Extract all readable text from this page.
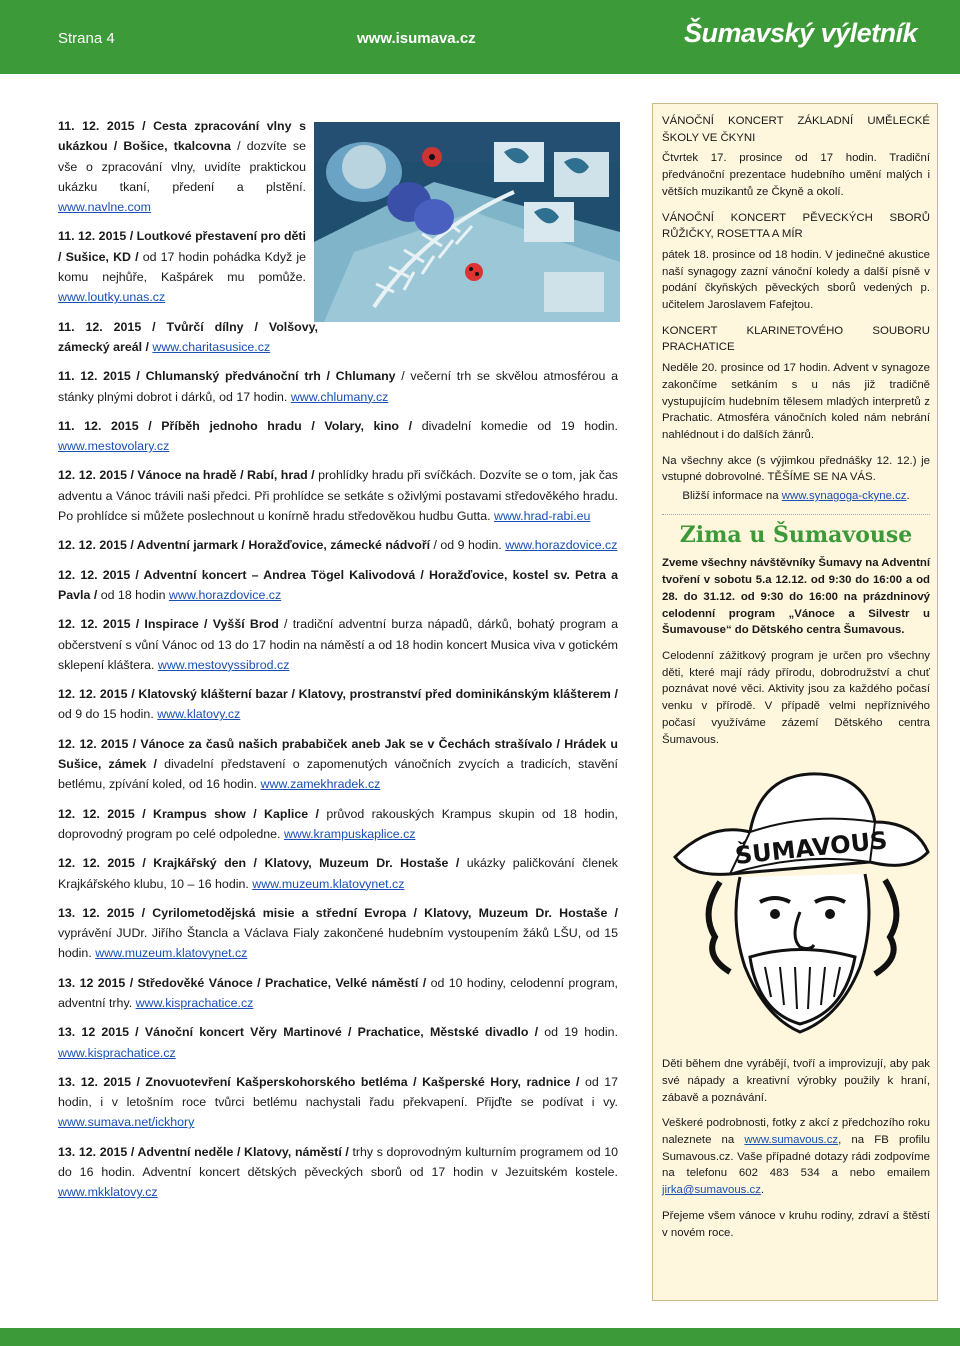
Strana 4	www.isumava.cz	Šumavský výletník

11. 12. 2015 / Cesta zpracování vlny s ukázkou / Bošice, tkalcovna / dozvíte se vše o zpracování vlny, uvidíte praktickou ukázku tkaní, předení a plstění. www.navlne.com

11. 12. 2015 / Loutkové přestavení pro děti / Sušice, KD / od 17 hodin pohádka Když je komu nejhůře, Kašpárek mu pomůže. www.loutky.unas.cz

11. 12. 2015 / Tvůrčí dílny / Volšovy, zámecký areál / www.charitasusice.cz

11. 12. 2015 / Chlumanský předvánoční trh / Chlumany / večerní trh se skvělou atmosférou a stánky plnými dobrot i dárků, od 17 hodin. www.chlumany.cz

11. 12. 2015 / Příběh jednoho hradu / Volary, kino / divadelní komedie od 19 hodin. www.mestovolary.cz

12. 12. 2015 / Vánoce na hradě / Rabí, hrad / prohlídky hradu při svíčkách. Dozvíte se o tom, jak čas adventu a Vánoc trávili naši předci. Při prohlídce se setkáte s oživlými postavami středověkého hradu. Po prohlídce si můžete poslechnout u konírně hradu středověkou hudbu Gutta. www.hrad-rabi.eu

12. 12. 2015 / Adventní jarmark / Horažďovice, zámecké nádvoří / od 9 hodin. www.horazdovice.cz

12. 12. 2015 / Adventní koncert – Andrea Tögel Kalivodová / Horažďovice, kostel sv. Petra a Pavla / od 18 hodin www.horazdovice.cz

12. 12. 2015 / Inspirace / Vyšší Brod / tradiční adventní burza nápadů, dárků, bohatý program a občerstvení s vůní Vánoc od 13 do 17 hodin na náměstí a od 18 hodin koncert Musica viva v gotickém sklepení kláštera. www.mestovyssibrod.cz

12. 12. 2015 / Klatovský klášterní bazar / Klatovy, prostranství před dominikánským klášterem / od 9 do 15 hodin. www.klatovy.cz

12. 12. 2015 / Vánoce za časů našich prababiček aneb Jak se v Čechách strašívalo / Hrádek u Sušice, zámek / divadelní představení o zapomenutých vánočních zvycích a tradicích, stavění betlému, zpívání koled, od 16 hodin. www.zamekhradek.cz

12. 12. 2015 / Krampus show / Kaplice / průvod rakouských Krampus skupin od 18 hodin, doprovodný program po celé odpoledne. www.krampuskaplice.cz

12. 12. 2015 / Krajkářský den / Klatovy, Muzeum Dr. Hostaše / ukázky paličkování členek Krajkářského klubu, 10 – 16 hodin. www.muzeum.klatovynet.cz

13. 12. 2015 / Cyrilometodějská misie a střední Evropa / Klatovy, Muzeum Dr. Hostaše / vyprávění JUDr. Jiřího Štancla a Václava Fialy zakončené hudebním vystoupením žáků LŠU, od 15 hodin. www.muzeum.klatovynet.cz

13. 12 2015 / Středověké Vánoce / Prachatice, Velké náměstí / od 10 hodiny, celodenní program, adventní trhy. www.kisprachatice.cz

13. 12 2015 / Vánoční koncert Věry Martinové / Prachatice, Městské divadlo / od 19 hodin. www.kisprachatice.cz

13. 12. 2015 / Znovuotevření Kašperskohorského betléma / Kašperské Hory, radnice / od 17 hodin, i v letošním roce tvůrci betlému nachystali řadu překvapení. Přijďte se podívat i vy. www.sumava.net/ickhory

13. 12. 2015 / Adventní neděle / Klatovy, náměstí / trhy s doprovodným kulturním programem od 10 do 16 hodin. Adventní koncert dětských pěveckých sborů od 17 hodin v Jezuitském kostele. www.mkklatovy.cz

VÁNOČNÍ KONCERT ZÁKLADNÍ UMĚLECKÉ ŠKOLY VE ČKYNI

Čtvrtek 17. prosince od 17 hodin. Tradiční předvánoční prezentace hudebního umění malých i větších muzikantů ze Čkyně a okolí.

VÁNOČNÍ KONCERT PĚVECKÝCH SBORŮ RŮŽIČKY, ROSETTA A MÍR

pátek 18. prosince od 18 hodin. V jedinečné akustice naší synagogy zazní vánoční koledy a další písně v podání čkyňských pěveckých sborů vedených p. učitelem Jaroslavem Fafejtou.

KONCERT KLARINETOVÉHO SOUBORU PRACHATICE

Neděle 20. prosince od 17 hodin. Advent v synagoze zakončíme setkáním s u nás již tradičně vystupujícím hudebním tělesem mladých interpretů z Prachatic. Atmosféra vánočních koled nám nebrání nahlédnout i do dalších žánrů.

Na všechny akce (s výjimkou přednášky 12. 12.) je vstupné dobrovolné. TĚŠÍME SE NA VÁS.

Bližší informace na www.synagoga-ckyne.cz.

Zima u Šumavouse

Zveme všechny návštěvníky Šumavy na Adventní tvoření v sobotu 5.a 12.12. od 9:30 do 16:00 a od 28. do 31.12. od 9:30 do 16:00 na prázdninový celodenní program „Vánoce a Silvestr u Šumavouse“ do Dětského centra Šumavous.

Celodenní zážitkový program je určen pro všechny děti, které mají rády přírodu, dobrodružství a chuť poznávat nové věci. Aktivity jsou za každého počasí venku v přírodě. V případě velmi nepříznivého počasí využíváme zázemí Dětského centra Šumavous.

ŠUMAVOUS

Děti během dne vyrábějí, tvoří a improvizují, aby pak své nápady a kreativní výrobky použily k hraní, zábavě a poznávání.

Veškeré podrobnosti, fotky z akcí z předchozího roku naleznete na www.sumavous.cz, na FB profilu Sumavous.cz. Vaše případné dotazy rádi zodpovíme na telefonu 602 483 534 a nebo emailem jirka@sumavous.cz.

Přejeme všem vánoce v kruhu rodiny, zdraví a štěstí v novém roce.
